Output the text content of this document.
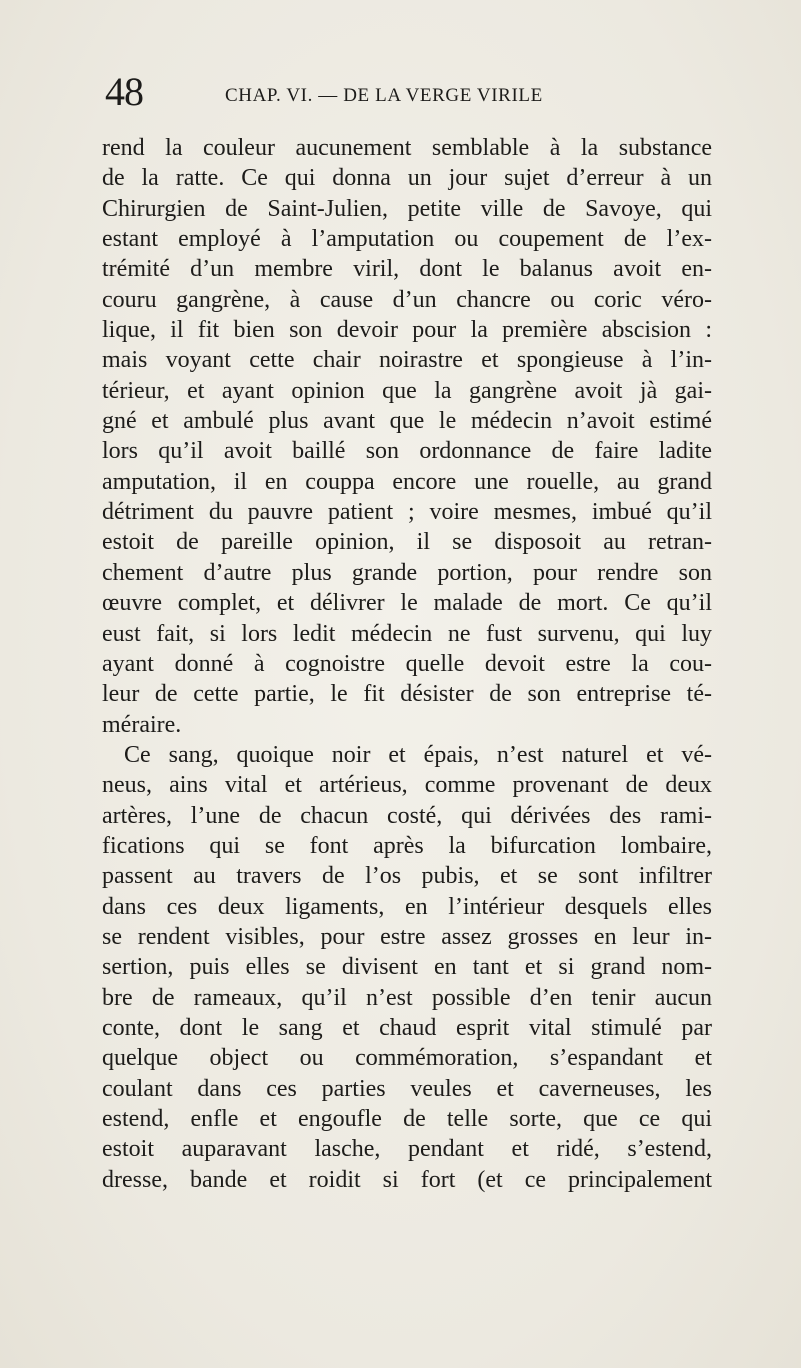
48	CHAP. VI. — DE LA VERGE VIRILE
rend la couleur aucunement semblable à la substance
de la ratte. Ce qui donna un jour sujet d’erreur à un
Chirurgien de Saint-Julien, petite ville de Savoye, qui
estant employé à l’amputation ou coupement de l’ex-
trémité d’un membre viril, dont le balanus avoit en-
couru gangrène, à cause d’un chancre ou coric véro-
lique, il fit bien son devoir pour la première abscision :
mais voyant cette chair noirastre et spongieuse à l’in-
térieur, et ayant opinion que la gangrène avoit jà gai-
gné et ambulé plus avant que le médecin n’avoit estimé
lors qu’il avoit baillé son ordonnance de faire ladite
amputation, il en couppa encore une rouelle, au grand
détriment du pauvre patient ; voire mesmes, imbué qu’il
estoit de pareille opinion, il se disposoit au retran-
chement d’autre plus grande portion, pour rendre son
œuvre complet, et délivrer le malade de mort. Ce qu’il
eust fait, si lors ledit médecin ne fust survenu, qui luy
ayant donné à cognoistre quelle devoit estre la cou-
leur de cette partie, le fit désister de son entreprise té-
méraire.
Ce sang, quoique noir et épais, n’est naturel et vé-
neus, ains vital et artérieus, comme provenant de deux
artères, l’une de chacun costé, qui dérivées des rami-
fications qui se font après la bifurcation lombaire,
passent au travers de l’os pubis, et se sont infiltrer
dans ces deux ligaments, en l’intérieur desquels elles
se rendent visibles, pour estre assez grosses en leur in-
sertion, puis elles se divisent en tant et si grand nom-
bre de rameaux, qu’il n’est possible d’en tenir aucun
conte, dont le sang et chaud esprit vital stimulé par
quelque object ou commémoration, s’espandant et
coulant dans ces parties veules et caverneuses, les
estend, enfle et engoufle de telle sorte, que ce qui
estoit auparavant lasche, pendant et ridé, s’estend,
dresse, bande et roidit si fort (et ce principalement
